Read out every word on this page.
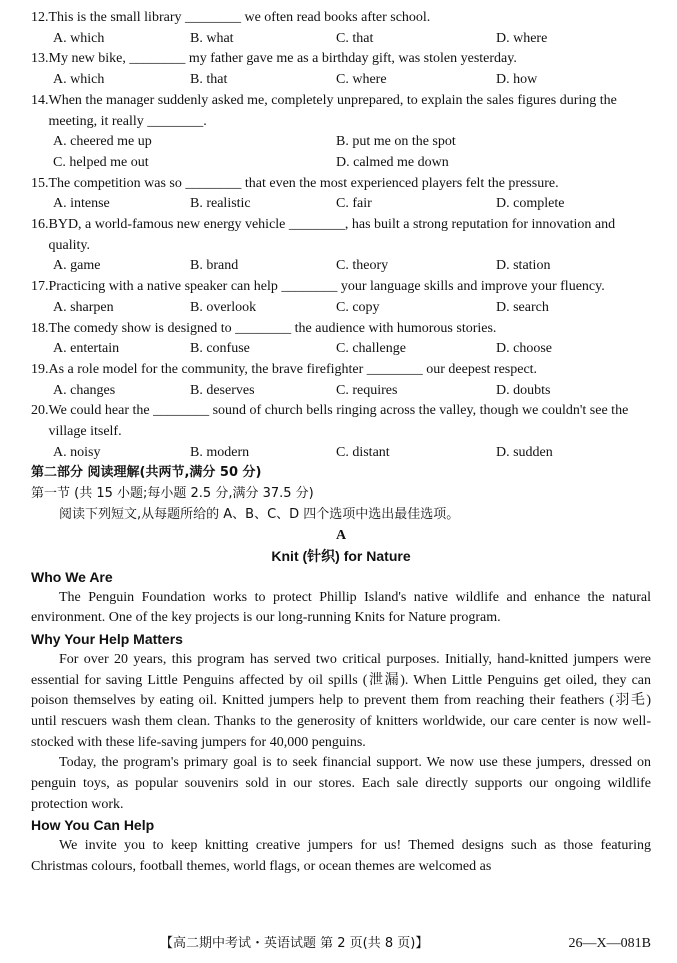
12. This is the small library ________ we often read books after school.
A. which	B. what	C. that	D. where
13. My new bike, ________ my father gave me as a birthday gift, was stolen yesterday.
A. which	B. that	C. where	D. how
14. When the manager suddenly asked me, completely unprepared, to explain the sales figures during the meeting, it really ________.
A. cheered me up	B. put me on the spot
C. helped me out	D. calmed me down
15. The competition was so ________ that even the most experienced players felt the pressure.
A. intense	B. realistic	C. fair	D. complete
16. BYD, a world-famous new energy vehicle ________, has built a strong reputation for innovation and quality.
A. game	B. brand	C. theory	D. station
17. Practicing with a native speaker can help ________ your language skills and improve your fluency.
A. sharpen	B. overlook	C. copy	D. search
18. The comedy show is designed to ________ the audience with humorous stories.
A. entertain	B. confuse	C. challenge	D. choose
19. As a role model for the community, the brave firefighter ________ our deepest respect.
A. changes	B. deserves	C. requires	D. doubts
20. We could hear the ________ sound of church bells ringing across the valley, though we couldn't see the village itself.
A. noisy	B. modern	C. distant	D. sudden
第二部分 阅读理解(共两节,满分 50 分)
第一节 (共 15 小题;每小题 2.5 分,满分 37.5 分)
阅读下列短文,从每题所给的 A、B、C、D 四个选项中选出最佳选项。
A
Knit (针织) for Nature
Who We Are
The Penguin Foundation works to protect Phillip Island's native wildlife and enhance the natural environment. One of the key projects is our long-running Knits for Nature program.
Why Your Help Matters
For over 20 years, this program has served two critical purposes. Initially, hand-knitted jumpers were essential for saving Little Penguins affected by oil spills (泄漏). When Little Penguins get oiled, they can poison themselves by eating oil. Knitted jumpers help to prevent them from reaching their feathers (羽毛) until rescuers wash them clean. Thanks to the generosity of knitters worldwide, our care center is now well-stocked with these life-saving jumpers for 40,000 penguins.
Today, the program's primary goal is to seek financial support. We now use these jumpers, dressed on penguin toys, as popular souvenirs sold in our stores. Each sale directly supports our ongoing wildlife protection work.
How You Can Help
We invite you to keep knitting creative jumpers for us! Themed designs such as those featuring Christmas colours, football themes, world flags, or ocean themes are welcomed as
【高二期中考试・英语试题 第 2 页(共 8 页)】	26—X—081B
